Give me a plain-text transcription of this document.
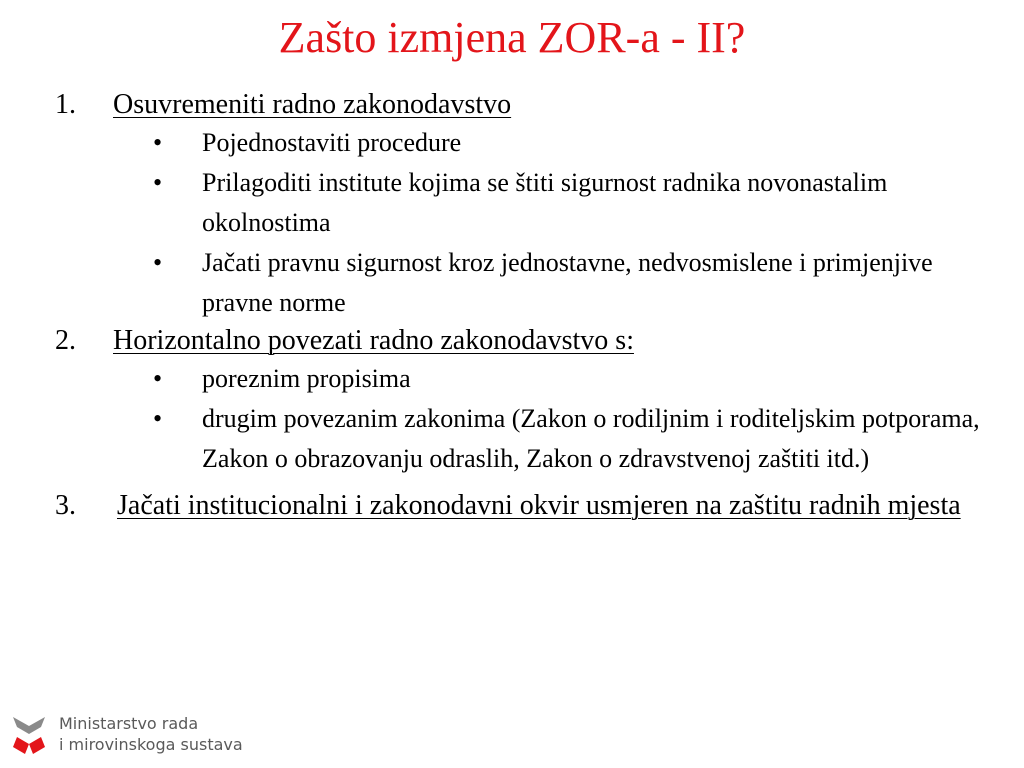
Zašto izmjena ZOR-a - II?
1. Osuvremeniti radno zakonodavstvo
• Pojednostaviti procedure
• Prilagoditi institute kojima se štiti sigurnost radnika novonastalim okolnostima
• Jačati pravnu sigurnost kroz jednostavne, nedvosmislene i primjenjive pravne norme
2. Horizontalno povezati radno zakonodavstvo s:
• poreznim propisima
• drugim povezanim zakonima (Zakon o rodiljnim i roditeljskim potporama, Zakon o obrazovanju odraslih, Zakon o zdravstvenoj zaštiti itd.)
3. Jačati institucionalni i zakonodavni okvir usmjeren na zaštitu radnih mjesta
Ministarstvo rada
i mirovinskoga sustava
